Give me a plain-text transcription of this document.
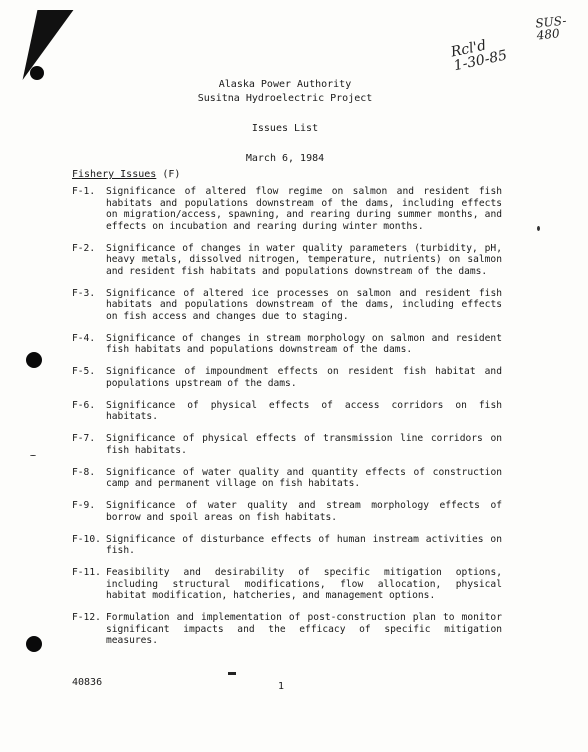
SUS-
480
Rcl'd
1-30-85
Alaska Power Authority
Susitna Hydroelectric Project
Issues List
March 6, 1984
Fishery Issues (F)
F-1.	Significance of altered flow regime on salmon and resident fish habitats and populations downstream of the dams, including effects on migration/access, spawning, and rearing during summer months, and effects on incubation and rearing during winter months.
F-2.	Significance of changes in water quality parameters (turbidity, pH, heavy metals, dissolved nitrogen, temperature, nutrients) on salmon and resident fish habitats and populations downstream of the dams.
F-3.	Significance of altered ice processes on salmon and resident fish habitats and populations downstream of the dams, including effects on fish access and changes due to staging.
F-4.	Significance of changes in stream morphology on salmon and resident fish habitats and populations downstream of the dams.
F-5.	Significance of impoundment effects on resident fish habitat and populations upstream of the dams.
F-6.	Significance of physical effects of access corridors on fish habitats.
F-7.	Significance of physical effects of transmission line corridors on fish habitats.
F-8.	Significance of water quality and quantity effects of construction camp and permanent village on fish habitats.
F-9.	Significance of water quality and stream morphology effects of borrow and spoil areas on fish habitats.
F-10. Significance of disturbance effects of human instream activities on fish.
F-11. Feasibility and desirability of specific mitigation options, including structural modifications, flow allocation, physical habitat modification, hatcheries, and management options.
F-12. Formulation and implementation of post-construction plan to monitor significant impacts and the efficacy of specific mitigation measures.
40836	1
